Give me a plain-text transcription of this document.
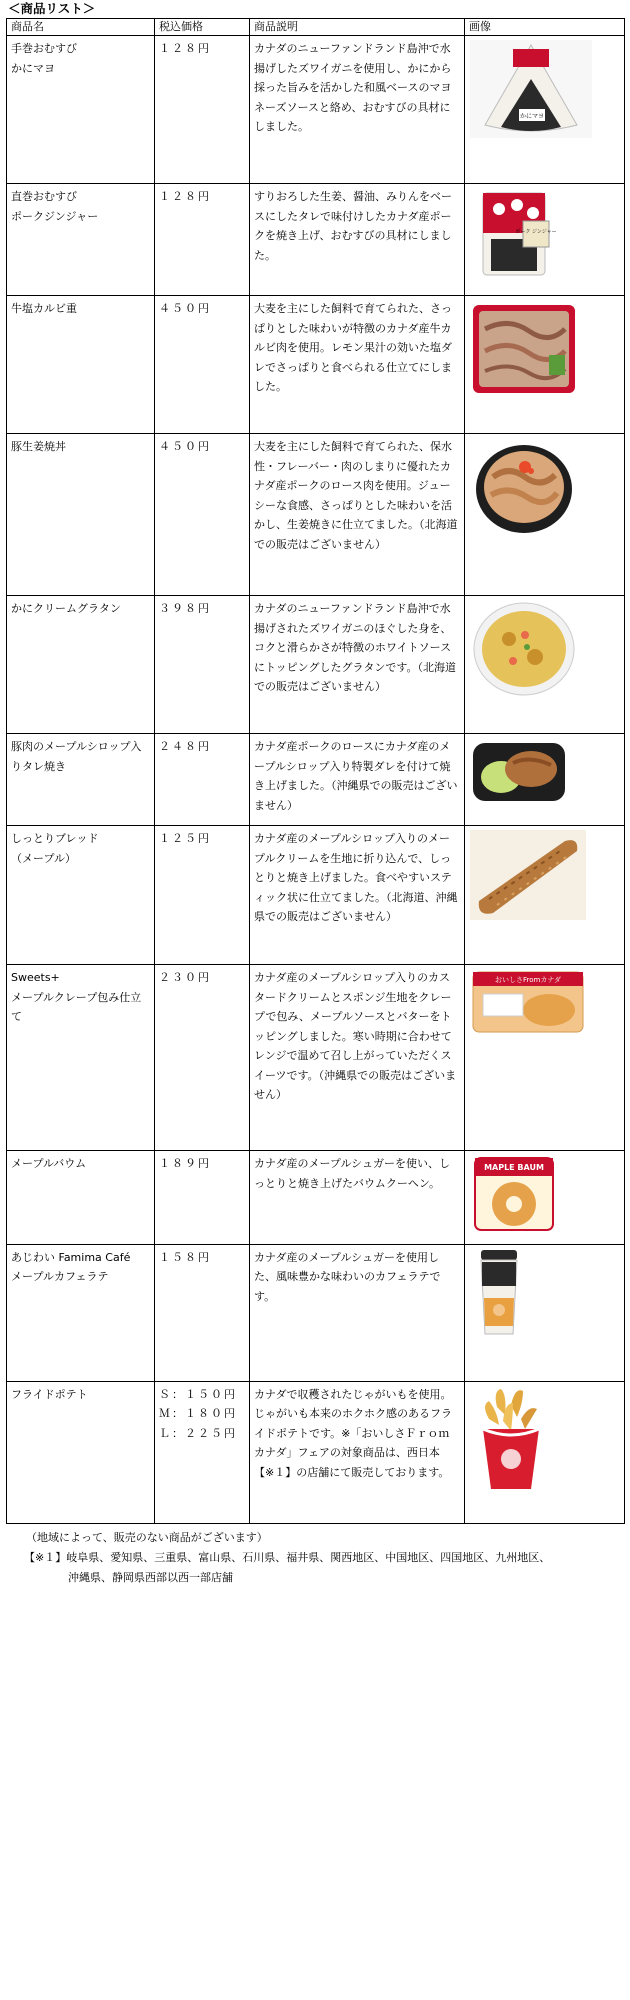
＜商品リスト＞
商品名	税込価格	商品説明	画像

手巻おむすび
かにマヨ	１２８円	カナダのニューファンドランド島沖で水揚げしたズワイガニを使用し、かにから採った旨みを活かした和風ベースのマヨネーズソースと絡め、おむすびの具材にしました。	かにマヨ

直巻おむすび
ポークジンジャー	１２８円	すりおろした生姜、醤油、みりんをベースにしたタレで味付けしたカナダ産ポークを焼き上げ、おむすびの具材にしました。	ポーク ジンジャー

牛塩カルビ重	４５０円	大麦を主にした飼料で育てられた、さっぱりとした味わいが特徴のカナダ産牛カルビ肉を使用。レモン果汁の効いた塩ダレでさっぱりと食べられる仕立てにしました。	

豚生姜焼丼	４５０円	大麦を主にした飼料で育てられた、保水性・フレーバー・肉のしまりに優れたカナダ産ポークのロース肉を使用。ジューシーな食感、さっぱりとした味わいを活かし、生姜焼きに仕立てました。（北海道での販売はございません）	

かにクリームグラタン	３９８円	カナダのニューファンドランド島沖で水揚げされたズワイガニのほぐした身を、コクと滑らかさが特徴のホワイトソースにトッピングしたグラタンです。（北海道での販売はございません）	

豚肉のメープルシロップ入りタレ焼き	２４８円	カナダ産ポークのロースにカナダ産のメープルシロップ入り特製ダレを付けて焼き上げました。（沖縄県での販売はございません）	

しっとりブレッド
（メープル）	１２５円	カナダ産のメープルシロップ入りのメープルクリームを生地に折り込んで、しっとりと焼き上げました。食べやすいスティック状に仕立てました。（北海道、沖縄県での販売はございません）	

Sweets+
メープルクレープ包み仕立て	２３０円	カナダ産のメープルシロップ入りのカスタードクリームとスポンジ生地をクレープで包み、メープルソースとバターをトッピングしました。寒い時期に合わせてレンジで温めて召し上がっていただくスイーツです。（沖縄県での販売はございません）	おいしさFromカナダ

メープルバウム	１８９円	カナダ産のメープルシュガーを使い、しっとりと焼き上げたバウムクーヘン。	MAPLE BAUM

あじわい Famima Café
メープルカフェラテ	１５８円	カナダ産のメープルシュガーを使用した、風味豊かな味わいのカフェラテです。	

フライドポテト	Ｓ：１５０円
Ｍ：１８０円
Ｌ：２２５円	カナダで収穫されたじゃがいもを使用。じゃがいも本来のホクホク感のあるフライドポテトです。※「おいしさＦｒｏｍカナダ」フェアの対象商品は、西日本【※１】の店舗にて販売しております。	
（地域によって、販売のない商品がございます）
【※１】岐阜県、愛知県、三重県、富山県、石川県、福井県、関西地区、中国地区、四国地区、九州地区、
沖縄県、静岡県西部以西一部店舗
